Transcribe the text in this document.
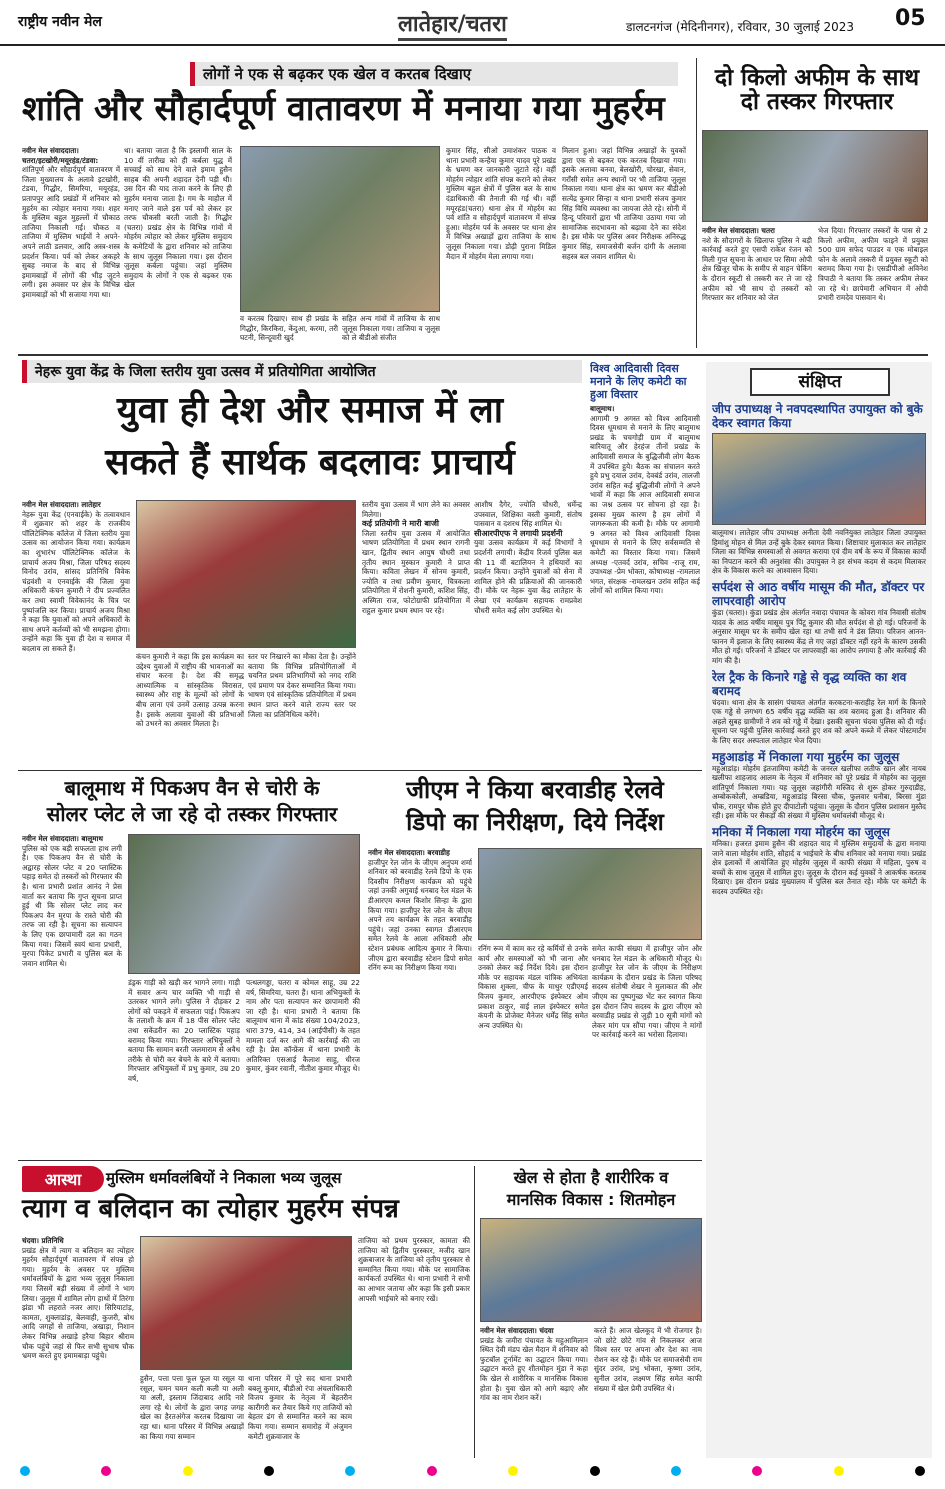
राष्ट्रीय नवीन मेल	लातेहार/चतरा	डालटनगंज (मेदिनीनगर), रविवार, 30 जुलाई 2023 05
लोगों ने एक से बढ़कर एक खेल व करतब दिखाए
शांति और सौहार्दपूर्ण वातावरण में मनाया गया मुहर्रम
नवीन मेल संवाददाता।
चतरा/इटखोरी/मयूरहंड/टंडवा:
शांतिपूर्ण और सौहार्दपूर्ण वातावरण में जिला मुख्यालय के अलावे इटखोरी, टंडवा, गिद्धौर, सिमरिया, मयूरहंड, प्रतापपुर आदि प्रखंडों में शनिवार को मुहर्रम का त्योहार मनाया गया। शहर के मुस्लिम बहुल मुहल्लों में चौकाठ ताजिया निकाली गई। चौकठ व ताजिया में मुस्लिम भाईयों ने अपने-अपने लाठी डलवार, आदि अस्त्र-शस्त्र प्रदर्शन किया। पर्व को लेकर अकहरे सुबह नमाज के बाद से विभिन्न इमामबाड़ों में लोगों की भीड़ जुटने लगी। इस अवसर पर क्षेत्र के विभिन्न इमामबाड़ों को भी सजाया गया था।
था। बताया जाता है कि इस्लामी साल के 10 वीं तारीख को ही कर्बला युद्ध में सच्चाई को साथ देने वाले इमाम हुसैन साहब की अपनी शहादत देनी पड़ी थी। उस दिन की याद ताजा करने के लिए ही मुहर्रम मनाया जाता है। गम के माहौल में मनाए जाने वाले इस पर्व को लेकर हर तरफ चौकसी बरती जाती है। गिद्धौर (चतरा) प्रखंड क्षेत्र के विभिन्न गांवों में मोहर्रम त्योहार को लेकर मुस्लिम समुदाय के कमेटियों के द्वारा शनिवार को ताजिया के साथ जुलूस निकाला गया। इस दौरान जुलूस कर्बला पहुंचा। जहां मुस्लिम समुदाय के लोगों ने एक से बढ़कर एक खेल
व करतब दिखाए। साथ ही प्रखंड के गिद्धौर, किरकिरा, केंदुआ, करमा, तरी घटनी, सिन्दूवारी खुर्द
सहित अन्य गांवों में ताजिया के साथ जुलूस निकाला गया। ताजिया व जुलूस को ले बीडीओ संजीत
कुमार सिंह, सीओ उमाशंकर पाठक व थाना प्रभारी कन्हैया कुमार यादव पूरे प्रखंड के भ्रमण कर जानकारी जुटाते रहे। वहीं मोहर्रम त्योहार शांति संपन्न कराने को लेकर मुस्लिम बहुल क्षेत्रों में पुलिस बल के साथ दंडाधिकारी की तैनाती की गई थी। वहीं मयूरहंड(चतरा) थाना क्षेत्र में मोहर्रम का पर्व शांति व सौहार्दपूर्ण वातावरण में संपन्न हुआ। मोहर्रम पर्व के अवसर पर थाना क्षेत्र में विभिन्न अखाड़ों द्वारा ताजिया के साथ जुलूस निकाला गया। डोढ़ी पुराना मिडिल मैदान में मोहर्रम मेला लगाया गया।
मिलान हुआ। जहां विभिन्न अखाड़ों के युवकों द्वारा एक से बढ़कर एक करतब दिखाया गया। इसके अलावा बनवा, बेलखोरी, चोरखा, सेवान, गराँसी समेत अन्य स्थानों पर भी ताजिया जुलूस निकाला गया। थाना क्षेत्र का भ्रमण कर बीडीओ सत्येंद्र कुमार सिन्हा व थाना प्रभारी संजय कुमार सिंह विधि व्यवस्था का जायजा लेते रहे। सोनी में हिन्दू परिवारों द्वारा भी ताजिया उठाया गया जो सामाजिक सदभावना को बढ़ावा देने का संदेश है। इस मौके पर पुलिस अवर निरीक्षक अनिरुद्ध कुमार सिंह, समाजसेवी बर्जन दांगी के अलावा सहस्त्र बल जवान शामिल थे।
दो किलो अफीम के साथ दो तस्कर गिरफ्तार
नवीन मेल संवाददाता। चतरा
नशे के सौदागरों के खिलाफ पुलिस ने बड़ी कार्रवाई करते हुए एसपी राकेश रंजन को मिली गुप्त सूचना के आधार पर सिमा ओपी क्षेत्र खिजूर चौक के समीप से वाहन चेकिंग के दौरान स्कूटी से तस्करी कर ले जा रहे अफीम को भी साथ दो तस्करों को गिरफ्तार कर शनिवार को जेल
भेज दिया। गिरफ्तार तस्करों के पास से 2 किलो अफीम, अफीम फाइने में प्रयुक्त 500 ग्राम सफेद पाउडर व एक मोबाइल फोन के अलावे तस्करी में प्रयुक्त स्कूटी को बरामद किया गया है। एसडीपीओ अविनेश त्रिपाठी ने बताया कि तस्कर अफीम लेकर जा रहे थे। छापेमारी अभियान में ओपी प्रभारी रामदेव पासवान थे।
नेहरू युवा केंद्र के जिला स्तरीय युवा उत्सव में प्रतियोगिता आयोजित
युवा ही देश और समाज में ला
सकते हैं सार्थक बदलावः प्राचार्य
नवीन मेल संवाददाता। लातेहार
नेहरू युवा केंद्र (एनवाईके) के तत्वावधान में शुक्रवार को शहर के राजकीय पॉलिटेक्निक कॉलेज में जिला स्तरीय युवा उत्सव का आयोजन किया गया। कार्यक्रम का शुभारंभ पॉलिटेक्निक कॉलेज के प्राचार्य अजय मिश्रा, जिला परिषद सदस्य विनोद उरांव, सांसद प्रतिनिधि विवेक चंद्रवंशी व एनवाईके की जिला युवा अधिकारी कंचन कुमारी ने दीप प्रज्वलित कर तथा स्वामी विवेकानंद के चित्र पर पुष्पांजलि कर किया। प्राचार्य अजय मिश्रा ने कहा कि युवाओं को अपने अधिकारों के साथ अपने कर्तव्यों को भी समझना होगा। उन्होंने कहा कि युवा ही देश व समाज में बदलाव ला सकते हैं।
कंचन कुमारी ने कहा कि इस कार्यक्रम का उद्देश्य युवाओं में राष्ट्रीय की भावनाओं का संचार करना है। देश की समृद्ध आध्यात्मिक व सांस्कृतिक विरासत, स्वास्थ्य और राष्ट्र के मूल्यों को लोगों के बीच लाना एवं उनमें उत्साह उत्पन्न करना है। इसके अलावा युवाओं की प्रतिभाओं को उभरने का अवसर मिलता है।
स्तर पर निखारने का मौका देता है। उन्होंने बताया कि विभिन्न प्रतियोगिताओं में चयनित प्रथम प्रतिभागियों को नगद राशि एवं प्रमाण पत्र देकर सम्मानित किया गया। भाषण एवं सांस्कृतिक प्रतियोगिता में प्रथम स्थान प्राप्त करने वाले राज्य स्तर पर जिला का प्रतिनिधित्व करेंगे।
स्तरीय युवा उत्सव में भाग लेने का अवसर मिलेगा।
कई प्रतियोगी ने मारी बाजी
जिला स्तरीय युवा उत्सव में आयोजित भाषण प्रतियोगिता में प्रथम स्थान रागनी खान, द्वितीय स्थान आयुष चौधरी तथा तृतीय स्थान मुस्कान कुमारी ने प्राप्त किया। कविता लेखन में सोनम कुमारी, ज्योति व तथा प्रवीण कुमार, चित्रकला प्रतियोगिता में रोशनी कुमारी, कशिश सिंह, अस्मिता राज, फोटोग्राफी प्रतियोगिता में राहुल कुमार प्रथम स्थान पर रहे।
आशीष दैगेर, ज्योति चौधरी, धर्मेन्द्र उपस्वाल, शिक्षिका वस्ती कुमारी, संतोष पासवान व दशरथ सिंह शामिल थे।
सीआरपीएफ ने लगायी प्रदर्शनी
युवा उत्सव कार्यक्रम में कई विभागों ने प्रदर्शनी लगायी। केंद्रीय रिजर्व पुलिस बल की 11 वीं बटालियन ने हथियारों का प्रदर्शन किया। उन्होंने युवाओं को सेना में शामिल होने की प्रक्रियाओं की जानकारी दी। मौके पर नेहरू युवा केंद्र लातेहार के लेखा एवं कार्यक्रम सहायक रामप्रवेश चौधरी समेत कई लोग उपस्थित थे।
विश्व आदिवासी दिवस मनाने के लिए कमेटी का हुआ विस्तार
बालूमाथ।
आगामी 9 अगस्त को विश्व आदिवासी दिवस धूमधाम से मनाने के लिए बालूमाथ प्रखंड के चचगोड़ी ग्राम में बालूमाथ बारियातू और हेरहंज तीनों प्रखंड के आदिवासी समाज के बुद्धिजीवी लोग बैठक में उपस्थित हुये। बैठक का संचालन करते हुये प्रभु दयाल उरांव, देवबंर्ड उरांव, तालजी उरांव सहित कई बुद्धिजीवी लोगों ने अपने भावों में कहा कि आज आदिवासी समाज का जश्न उत्सव पर सोचना हो रहा है। इसका मुख्य कारण है हम लोगों में जागरूकता की कमी है। मौके पर आगामी 9 अगस्त को विश्व आदिवासी दिवस धूमधाम से मनाने के लिए सर्वसम्मति से कमेटी का विस्तार किया गया। जिसमें अध्यक्ष -एतवर्द उरांव, सचिव -राजू राम, उपाध्यक्ष -प्रेम भोक्ता, कोषाध्यक्ष -रामलाल भगत, संरक्षक -रामलखन उरांव सहित कई लोगों को शामिल किया गया।
संक्षिप्त
जीप उपाध्यक्ष ने नवपदस्थापित उपायुक्त को बुके देकर स्वागत किया
बालूमाथ। लातेहार जीप उपाध्यक्ष अनीता देवी नवनियुक्त लातेहार जिला उपायुक्त हिमांशु मोहन से मिल उन्हें बुके देकर स्वागत किया। शिष्टाचार मुलाकात कर लातेहार जिला का विभिन्न समस्याओं से अवगत कराया एवं दीम वर्ष के रूप में विकास कार्यों का निपटान करने की अनुशंसा की। उपायुक्त ने हर संभव कदम से कदम मिलाकर क्षेत्र के विकास करने का आश्वासन दिया।
सर्पदंश से आठ वर्षीय मासूम की मौत, डॉक्टर पर लापरवाही आरोप
कुंडा (चतरा)। कुंडा प्रखंड क्षेत्र अंतर्गत नवादा पंचायत के कोवरा गांव निवासी संतोष यादव के आठ वर्षीय मासूम पुत्र पिंटू कुमार की मौत सर्पदंश से हो गई। परिजनों के अनुसार मासूम घर के समीप खेल रहा था तभी सर्प ने डंस लिया। परिजन आनन-फानन में इलाज के लिए स्वास्थ्य केंद्र ले गए जहां डॉक्टर नहीं रहने के कारण उसकी मौत हो गई। परिजनों ने डॉक्टर पर लापरवाही का आरोप लगाया है और कार्रवाई की मांग की है।
रेल ट्रैक के किनारे गड्ढे से वृद्ध व्यक्ति का शव बरामद
चंदवा। थाना क्षेत्र के सासंग पंचायत अंतर्गत करकटना-कराहीह रेल मार्ग के किनारे एक गड्ढे से लगभग 65 वर्षीय वृद्ध व्यक्ति का शव बरामद हुआ है। शनिवार की अहले सुबह ग्रामीणों ने शव को गड्ढे में देखा। इसकी सूचना चंदवा पुलिस को दी गई। सूचना पर पहुंची पुलिस कार्रवाई करते हुए शव को अपने कब्जे में लेकर पोस्टमार्टम के लिए सदर अस्पताल लातेहार भेज दिया।
महुआडांड़ में निकाला गया मुहर्रम का जुलूस
महुआडांड़। मोहर्रम इंतजामिया कमेटी के जनरल खलीफा लतीफ खान और नायब खलीफा शाहजाद आलम के नेतृत्व में शनिवार को पूरे प्रखंड में मोहर्रम का जुलूस शांतिपूर्ण निकाला गया। यह जुलूस जहांगीरी मस्जिद से शुरू होकर गुरुदाडीह, अम्बोककोली, अम्ब्रडिया, महुआडांड़ बिरसा चौक, फुलवार घनौबा, बिरसा मुंडा चौक, रामपुर चौक होते हुए दीपाटोली पहुंचा। जुलूस के दौरान पुलिस प्रशासन मुस्तैद रही। इस मौके पर सैकड़ों की संख्या में मुस्लिम धर्मावलंबी मौजूद थे।
मनिका में निकाला गया मोहर्रम का जुलूस
मनिका। हजरत इमाम हुसैन की शहादत याद में मुस्लिम समुदायों के द्वारा मनाया जाने वाला मोहर्रम शांति, सौहार्द व भाईचारे के बीच शनिवार को मनाया गया। प्रखंड क्षेत्र इलाकों में आयोजित हुए मोहर्रम जुलूस में काफी संख्या में महिला, पुरुष व बच्चों के साथ जुलूस में शामिल हुए। जुलूस के दौरान कई युवकों ने आकर्षक करतब दिखाए। इस दौरान प्रखंड मुख्यालय में पुलिस बल तैनात रहे। मौके पर कमेटी के सदस्य उपस्थित रहे।
बालूमाथ में पिकअप वैन से चोरी के
सोलर प्लेट ले जा रहे दो तस्कर गिरफ्तार
नवीन मेल संवाददाता। बालूमाथ
पुलिस को एक बड़ी सफलता हाथ लगी है। एक पिकअप वैन से चोरी के अद्वारह सोलर प्लेट व 20 प्लास्टिक पहाड़ समेत दो तस्करों को गिरफ्तार की है। थाना प्रभारी प्रशांत आनंद ने प्रेस वार्ता कर बताया कि गुप्त सूचना प्राप्त हुई थी कि सोलर प्लेट लाद कर पिकअप वैन मुरपा के रास्ते चोरी की तरफ जा रही है। सूचना का सत्यापन के लिए एक छापामारी दल का गठन किया गया। जिसमें स्वयं थाना प्रभारी, मुरपा पिकेट प्रभारी व पुलिस बल के जवान शामिल थे।
डंड्रक गाड़ी को खड़ी कर भागने लगा। गाड़ी में सवार अन्य चार व्यक्ति भी गाड़ी से उतरकर भागने लगे। पुलिस ने दौड़कर 2 लोगों को पकड़ने में सफलता पाई। पिकअप के तलाशी के क्रम में 18 पीस सोलर प्लेट तथा सकेंडरीन का 20 प्लास्टिक पहाड़ बरामद किया गया। गिरफ्तार अभियुक्तों ने बताया कि सामान बरती जलमाराम से अवैध तरीके से चोरी कर बेचने के बारे में बताया। गिरफ्तार अभियुक्तों में प्रभु कुमार, उम्र 20 वर्ष,
पत्थलगड्डा, चतरा व कोमल साहू, उम्र 22 वर्ष, सिमरिया, चतरा हैं। थाना अभियुक्तों के नाम और पता सत्यापन कर छापामारी की जा रही है। थाना प्रभारी ने बताया कि बालूमाथ थाना में कांड संख्या 104/2023, धारा 379, 414, 34 (आईपीसी) के तहत मामला दर्ज कर आगे की कार्रवाई की जा रही है। प्रेस कॉन्फ्रेंस में थाना प्रभारी के अतिरिक्त एसआई कैलाश साहु, धीरज कुमार, कुंवर रवानी, नीतीश कुमार मौजूद थे।
जीएम ने किया बरवाडीह रेलवे
डिपो का निरीक्षण, दिये निर्देश
नवीन मेल संवाददाता। बरवाडीह
हाजीपुर रेल जोन के जीएम अनुपम शर्मा शनिवार को बरवाडीह रेलवे डिपो के एक दिवसीय निरीक्षण कार्यक्रम को पहुंचे जहां उनकी अगुवाई धनबाद रेल मंडल के डीआरएम कमल किशोर सिन्हा के द्वारा किया गया। हाजीपुर रेल जोन के जीएम अपने तय कार्यक्रम के तहत बरवाडीह पहुंचे। जहां उनका स्वागत डीआरएम समेत रेलवे के आला अधिकारी और स्टेशन प्रबंधक आदित्य कुमार ने किया। जीएम द्वारा बरवाडीह स्टेशन डिपो समेत रनिंग रूम का निरीक्षण किया गया।
रनिंग रूम में काम कर रहे कर्मियों से उनके कार्य और समस्याओं को भी जाना और उनको लेकर कई निर्देश दिये। इस दौरान मौके पर सहायक मंडल यांत्रिक अभियंता विकास शुक्ला, चीफ के माथुर एडीएमई विजय कुमार, आरपीएफ इंस्पेक्टर ओम प्रकाश ठाकुर, वाई लाल इंस्पेक्टर समेत कंपनी के प्रोजेक्ट मैनेजर धर्मेंद्र सिंह समेत अन्य उपस्थित थे।
समेत काफी संख्या में हाजीपुर जोन और धनबाद रेल मंडल के अधिकारी मौजूद थे। हाजीपुर रेल जोन के जीएम के निरीक्षण कार्यक्रम के दौरान प्रखंड के जिला परिषद सदस्य संतोषी शेखर ने मुलाकात की और जीएम का पुष्पगुच्छ भेंट कर स्वागत किया इस दौरान जिप सदस्य के द्वारा जीएम को बरवाडीह प्रखंड से जुड़ी 10 सूत्री मांगों को लेकर मांग पत्र सौंपा गया। जीएम ने मांगों पर कार्रवाई करने का भरोसा दिलाया।
आस्था	मुस्लिम धर्मावलंबियों ने निकाला भव्य जुलूस
त्याग व बलिदान का त्योहार मुहर्रम संपन्न
चंदवा। प्रतिनिधि
प्रखंड क्षेत्र में त्याग व बलिदान का त्योहार मुहर्रम सौहार्दपूर्ण वातावरण में संपन्न हो गया। मुहर्रम के अवसर पर मुस्लिम धर्मावलंबियों के द्वारा भव्य जुलूस निकाला गया जिसमें बड़ी संख्या में लोगों ने भाग लिया। जुलूस में शामिल लोग हाथों में तिरंगा झंडा भी लहराते नजर आए। सिरियाटांड़, कामता, शुक्लाडांड़, बेलवाही, कुजरी, बोध आदि जगहों से ताजिया, अखाड़ा, निशान लेकर विभिन्न अखाड़े हरैया बिहार श्रीराम चौक पहुंचे जहां से फिर सभी सुभाष चौक भ्रमण करते हुए इमामबाड़ा पहुंचे।
हुसैन, पत्ता पत्ता फूल फूल या रसूल या रसूल, चमन चमन कली कली या अली या अली, इस्लाम जिंदाबाद आदि नारे लगा रहे थे। लोगों के द्वारा जगह जगह खेल का हैरतअंगेज करतब दिखाया जा रहा था। थाना परिसर में विभिन्न अखाड़ों का किया गया सम्मान
थाना परिसर में पूरे सद थाना प्रभारी बबलू कुमार, बीडीओ रंपा अंचलाधिकारी विजय कुमार के नेतृत्व में बेहतरीन कारीगरी कर तैयार किये गए ताजियों को बेहतर ढंग से सम्मानित करने का काम किया गया। सम्मान समारोह में अंजुमन कमेटी शुक्रवाजार के
ताजिया को प्रथम पुरस्कार, कामता की ताजिया को द्वितीय पुरस्कार, मजीद खान शुक्रबाजार के ताजिया को तृतीय पुरस्कार से सम्मानित किया गया। मौके पर सामाजिक कार्यकर्ता उपस्थित थे। थाना प्रभारी ने सभी का आभार जताया और कहा कि इसी प्रकार आपसी भाईचारे को बनाए रखें।
खेल से होता है शारीरिक व
मानसिक विकास : शितमोहन
नवीन मेल संवाददाता। चंदवा
प्रखंड के जमीरा पंचायत के महुआमिलान स्थित देवी मंडप खेल मैदान में शनिवार को फुटबॉल टूर्नामेंट का उद्घाटन किया गया। उद्घाटन करते हुए शीतमोहन मुंडा ने कहा कि खेल से शारीरिक व मानसिक विकास होता है। युवा खेल को आगे बढ़ाएं और गांव का नाम रोशन करें।
करते हैं। आज खेलकूद में भी रोजगार है। जो छोटे छोटे गांव से निकलकर आज विश्व स्तर पर अपना और देश का नाम रोशन कर रहे हैं। मौके पर समाजसेवी राम सुंदर उरांव, प्रभु भोक्ता, कृष्णा उरांव, सुनील उरांव, लक्ष्मण सिंह समेत काफी संख्या में खेल प्रेमी उपस्थित थे।
